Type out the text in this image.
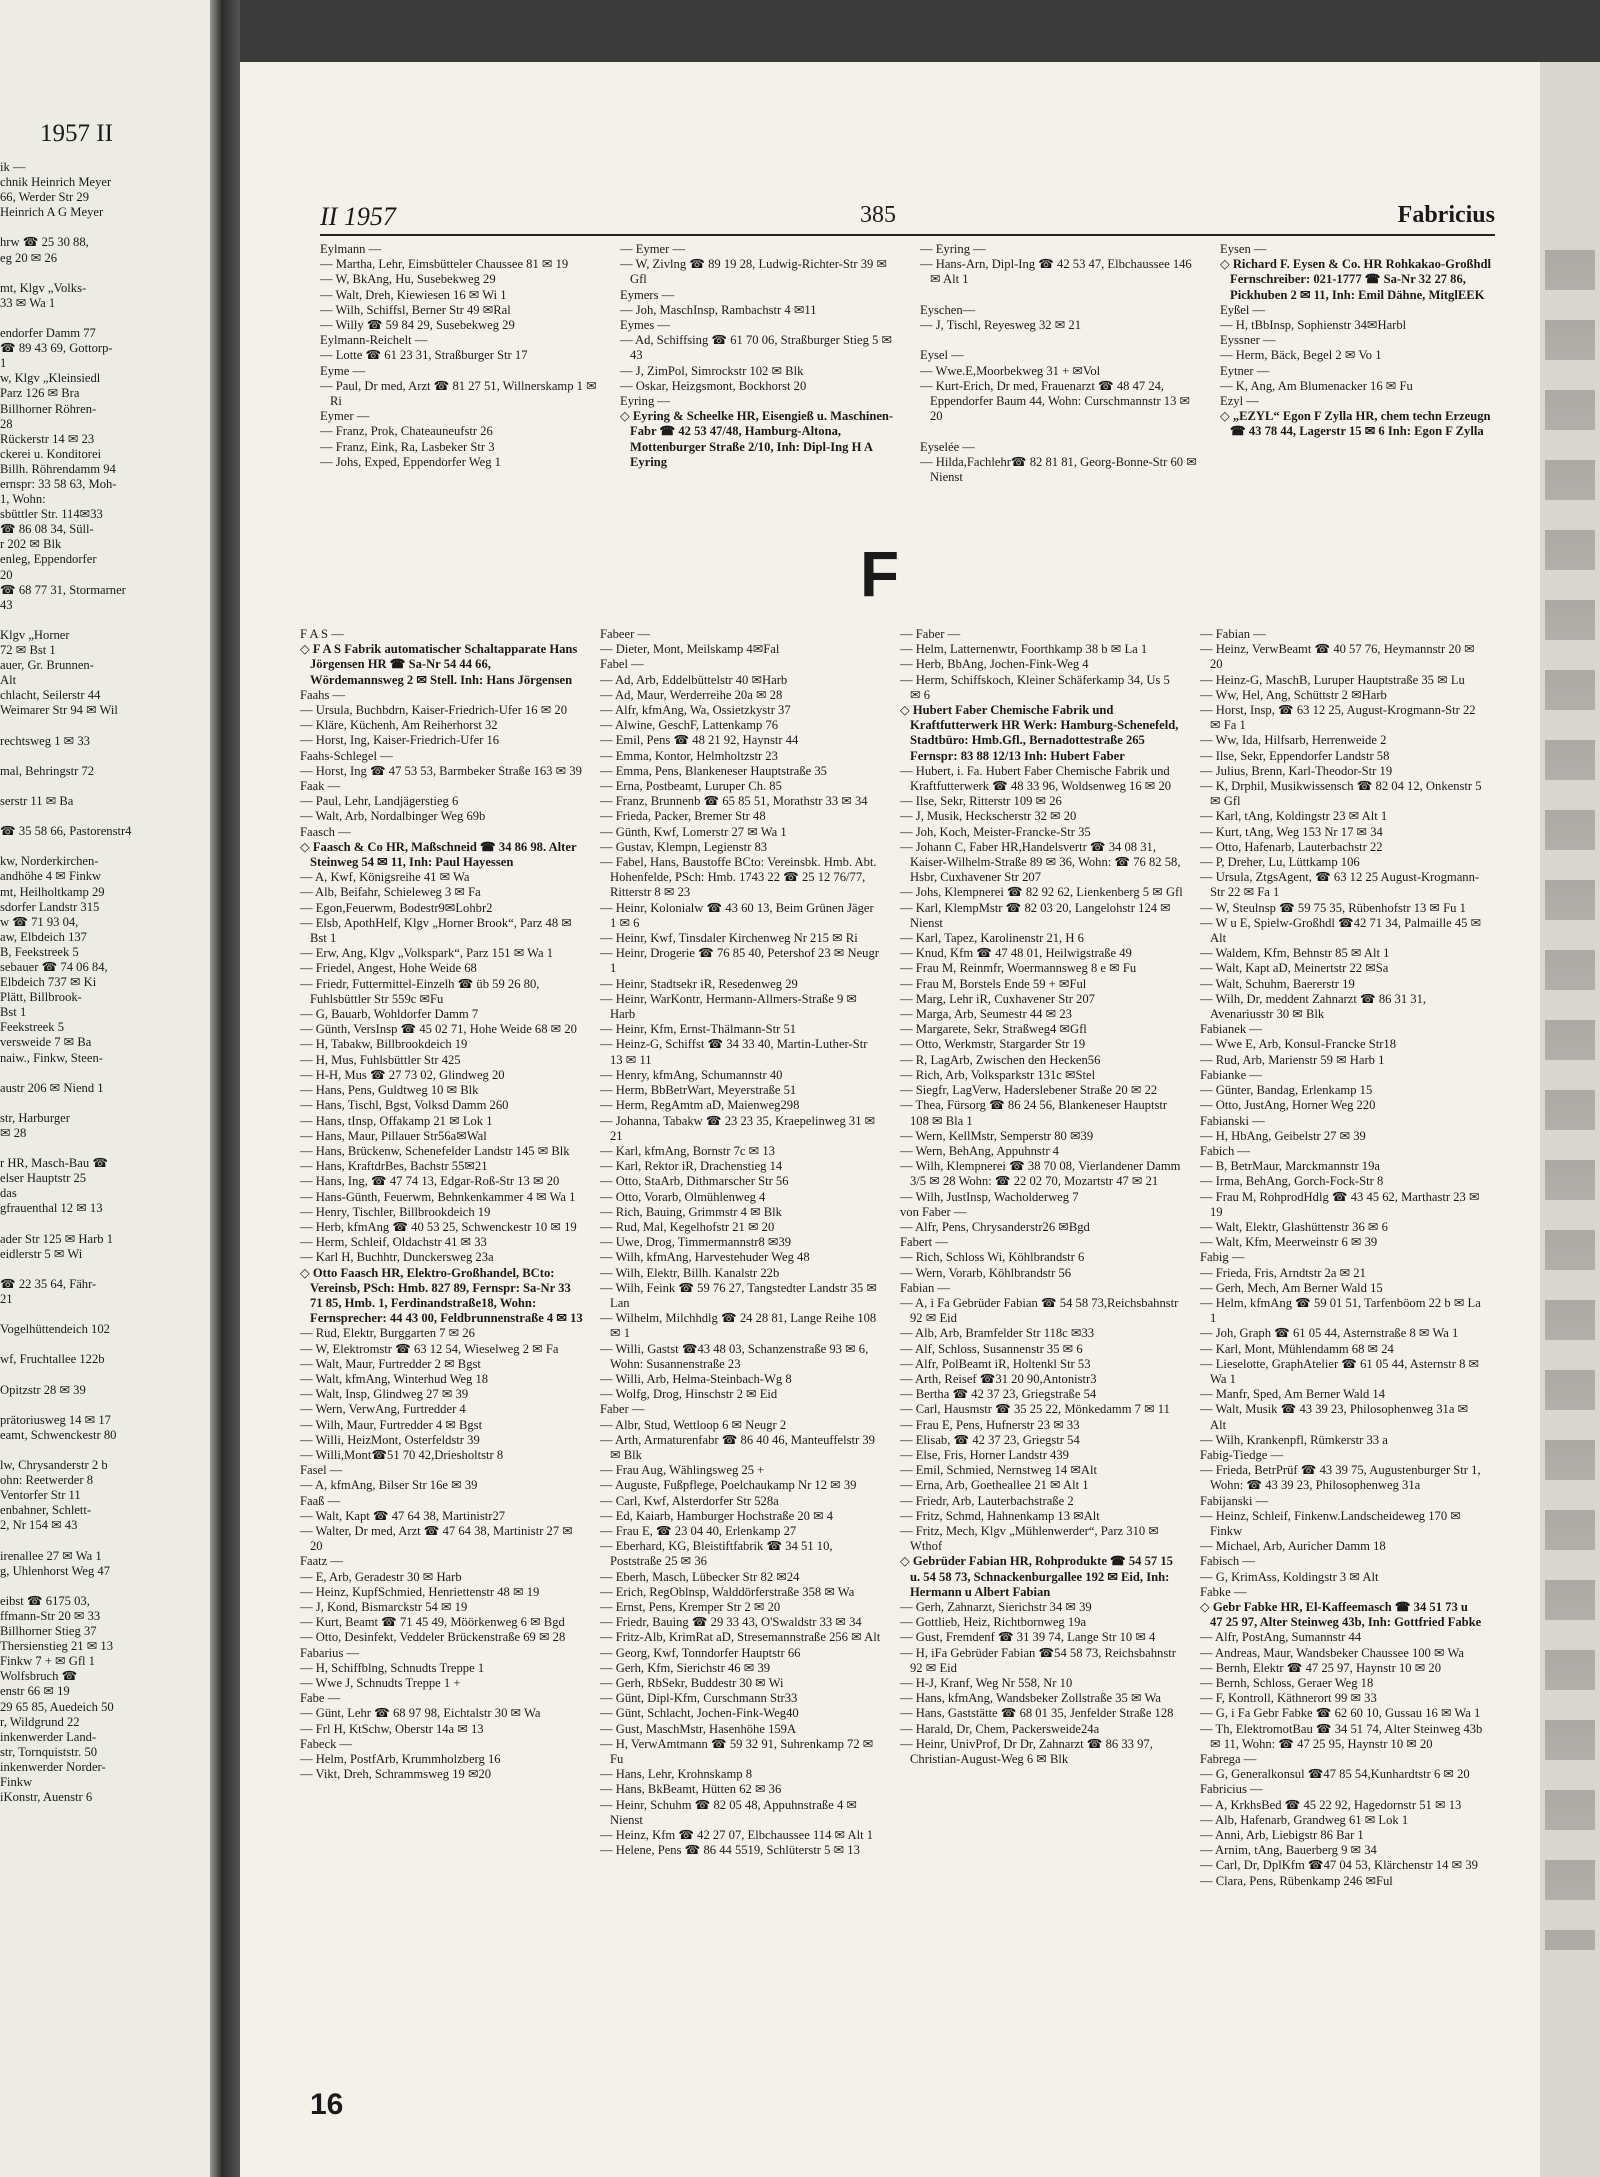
1957 II
ik —
chnik Heinrich Meyer
66, Werder Str 29
Heinrich A G Meyer

hrw ☎ 25 30 88,
eg 20 ✉ 26

mt, Klgv „Volks-
33 ✉ Wa 1

endorfer Damm 77
☎ 89 43 69, Gottorp-
1
w, Klgv „Kleinsiedl
Parz 126 ✉ Bra
Billhorner Röhren-
28
Rückerstr 14 ✉ 23
ckerei u. Konditorei
Billh. Röhrendamm 94
ernspr: 33 58 63, Moh-
1, Wohn:
sbüttler Str. 114✉33
☎ 86 08 34, Süll-
r 202 ✉ Blk
enleg, Eppendorfer
20
☎ 68 77 31, Stormarner
43

Klgv „Horner
72 ✉ Bst 1
auer, Gr. Brunnen-
Alt
chlacht, Seilerstr 44
Weimarer Str 94 ✉ Wil

rechtsweg 1 ✉ 33

mal, Behringstr 72

serstr 11 ✉ Ba

☎ 35 58 66, Pastorenstr4

kw, Norderkirchen-
andhöhe 4 ✉ Finkw
mt, Heilholtkamp 29
sdorfer Landstr 315
w ☎ 71 93 04,
aw, Elbdeich 137
B, Feekstreek 5
sebauer ☎ 74 06 84,
Elbdeich 737 ✉ Ki
Plätt, Billbrook-
Bst 1
Feekstreek 5
versweide 7 ✉ Ba
naiw., Finkw, Steen-

austr 206 ✉ Niend 1

str, Harburger
✉ 28

r HR, Masch-Bau ☎
elser Hauptstr 25
das
gfrauenthal 12 ✉ 13

ader Str 125 ✉ Harb 1
eidlerstr 5 ✉ Wi

☎ 22 35 64, Fähr-
21

Vogelhüttendeich 102

wf, Fruchtallee 122b

Opitzstr 28 ✉ 39

prätoriusweg 14 ✉ 17
eamt, Schwenckestr 80

lw, Chrysanderstr 2 b
ohn: Reetwerder 8
Ventorfer Str 11
enbahner, Schlett-
2, Nr 154 ✉ 43

irenallee 27 ✉ Wa 1
g, Uhlenhorst Weg 47

eibst ☎ 6175 03,
ffmann-Str 20 ✉ 33
Billhorner Stieg 37
Thersienstieg 21 ✉ 13
Finkw 7 + ✉ Gfl 1
Wolfsbruch ☎
enstr 66 ✉ 19
29 65 85, Auedeich 50
r, Wildgrund 22
inkenwerder Land-
str, Tornquiststr. 50
inkenwerder Norder-
Finkw
iKonstr, Auenstr 6
II 1957	385	Fabricius
Eylmann —
— Martha, Lehr, Eimsbütteler Chaussee 81 ✉ 19
— W, BkAng, Hu, Susebekweg 29
— Walt, Dreh, Kiewiesen 16 ✉ Wi 1
— Wilh, Schiffsl, Berner Str 49 ✉Ral
— Willy ☎ 59 84 29, Susebekweg 29
Eylmann-Reichelt —
— Lotte ☎ 61 23 31, Straßburger Str 17
Eyme —
— Paul, Dr med, Arzt ☎ 81 27 51, Willnerskamp 1 ✉ Ri
Eymer —
— Franz, Prok, Chateauneufstr 26
— Franz, Eink, Ra, Lasbeker Str 3
— Johs, Exped, Eppendorfer Weg 1
— Eymer —
— W, Zivlng ☎ 89 19 28, Ludwig-Richter-Str 39 ✉ Gfl
Eymers —
— Joh, MaschInsp, Rambachstr 4 ✉11
Eymes —
— Ad, Schiffsing ☎ 61 70 06, Straßburger Stieg 5 ✉ 43
— J, ZimPol, Simrockstr 102 ✉ Blk
— Oskar, Heizgsmont, Bockhorst 20
Eyring —
◇ Eyring & Scheelke HR, Eisengieß u. Maschinen-Fabr ☎ 42 53 47/48, Hamburg-Altona, Mottenburger Straße 2/10, Inh: Dipl-Ing H A Eyring
— Eyring —
— Hans-Arn, Dipl-Ing ☎ 42 53 47, Elbchaussee 146 ✉ Alt 1

Eyschen—
— J, Tischl, Reyesweg 32 ✉ 21

Eysel —
— Wwe.E,Moorbekweg 31 + ✉Vol
— Kurt-Erich, Dr med, Frauenarzt ☎ 48 47 24, Eppendorfer Baum 44, Wohn: Curschmannstr 13 ✉ 20

Eyselée —
— Hilda,Fachlehr☎ 82 81 81, Georg-Bonne-Str 60 ✉ Nienst
Eysen —
◇ Richard F. Eysen & Co. HR Rohkakao-Großhdl Fernschreiber: 021-1777 ☎ Sa-Nr 32 27 86, Pickhuben 2 ✉ 11, Inh: Emil Dähne, MitglEEK
Eyßel —
— H, tBbInsp, Sophienstr 34✉Harbl
Eyssner —
— Herm, Bäck, Begel 2 ✉ Vo 1
Eytner —
— K, Ang, Am Blumenacker 16 ✉ Fu
Ezyl —
◇ „EZYL“ Egon F Zylla HR, chem techn Erzeugn ☎ 43 78 44, Lagerstr 15 ✉ 6 Inh: Egon F Zylla
F
F A S —
◇ F A S Fabrik automatischer Schaltapparate Hans Jörgensen HR ☎ Sa-Nr 54 44 66, Wördemannsweg 2 ✉ Stell. Inh: Hans Jörgensen
Faahs —
— Ursula, Buchbdrn, Kaiser-Friedrich-Ufer 16 ✉ 20
— Kläre, Küchenh, Am Reiherhorst 32
— Horst, Ing, Kaiser-Friedrich-Ufer 16
Faahs-Schlegel —
— Horst, Ing ☎ 47 53 53, Barmbeker Straße 163 ✉ 39
Faak —
— Paul, Lehr, Landjägerstieg 6
— Walt, Arb, Nordalbinger Weg 69b
Faasch —
◇ Faasch & Co HR, Maßschneid ☎ 34 86 98. Alter Steinweg 54 ✉ 11, Inh: Paul Hayessen
— A, Kwf, Königsreihe 41 ✉ Wa
— Alb, Beifahr, Schieleweg 3 ✉ Fa
— Egon,Feuerwm, Bodestr9✉Lohbr2
— Elsb, ApothHelf, Klgv „Horner Brook“, Parz 48 ✉ Bst 1
— Erw, Ang, Klgv „Volkspark“, Parz 151 ✉ Wa 1
— Friedel, Angest, Hohe Weide 68
— Friedr, Futtermittel-Einzelh ☎ üb 59 26 80, Fuhlsbüttler Str 559c ✉Fu
— G, Bauarb, Wohldorfer Damm 7
— Günth, VersInsp ☎ 45 02 71, Hohe Weide 68 ✉ 20
— H, Tabakw, Billbrookdeich 19
— H, Mus, Fuhlsbüttler Str 425
— H-H, Mus ☎ 27 73 02, Glindweg 20
— Hans, Pens, Guldtweg 10 ✉ Blk
— Hans, Tischl, Bgst, Volksd Damm 260
— Hans, tInsp, Offakamp 21 ✉ Lok 1
— Hans, Maur, Pillauer Str56a✉Wal
— Hans, Brückenw, Schenefelder Landstr 145 ✉ Blk
— Hans, KraftdrBes, Bachstr 55✉21
— Hans, Ing, ☎ 47 74 13, Edgar-Roß-Str 13 ✉ 20
— Hans-Günth, Feuerwm, Behnkenkammer 4 ✉ Wa 1
— Henry, Tischler, Billbrookdeich 19
— Herb, kfmAng ☎ 40 53 25, Schwenckestr 10 ✉ 19
— Herm, Schleif, Oldachstr 41 ✉ 33
— Karl H, Buchhtr, Dunckersweg 23a
◇ Otto Faasch HR, Elektro-Großhandel, BCto: Vereinsb, PSch: Hmb. 827 89, Fernspr: Sa-Nr 33 71 85, Hmb. 1, Ferdinandstraße18, Wohn: Fernsprecher: 44 43 00, Feldbrunnenstraße 4 ✉ 13
— Rud, Elektr, Burggarten 7 ✉ 26
— W, Elektromstr ☎ 63 12 54, Wieselweg 2 ✉ Fa
— Walt, Maur, Furtredder 2 ✉ Bgst
— Walt, kfmAng, Winterhud Weg 18
— Walt, Insp, Glindweg 27 ✉ 39
— Wern, VerwAng, Furtredder 4
— Wilh, Maur, Furtredder 4 ✉ Bgst
— Willi, HeizMont, Osterfeldstr 39
— Willi,Mont☎51 70 42,Driesholtstr 8
Fasel —
— A, kfmAng, Bilser Str 16e ✉ 39
Faaß —
— Walt, Kapt ☎ 47 64 38, Martinistr27
— Walter, Dr med, Arzt ☎ 47 64 38, Martinistr 27 ✉ 20
Faatz —
— E, Arb, Geradestr 30 ✉ Harb
— Heinz, KupfSchmied, Henriettenstr 48 ✉ 19
— J, Kond, Bismarckstr 54 ✉ 19
— Kurt, Beamt ☎ 71 45 49, Möörkenweg 6 ✉ Bgd
— Otto, Desinfekt, Veddeler Brückenstraße 69 ✉ 28
Fabarius —
— H, Schiffblng, Schnudts Treppe 1
— Wwe J, Schnudts Treppe 1 +
Fabe —
— Günt, Lehr ☎ 68 97 98, Eichtalstr 30 ✉ Wa
— Frl H, KtSchw, Oberstr 14a ✉ 13
Fabeck —
— Helm, PostfArb, Krummholzberg 16
— Vikt, Dreh, Schrammsweg 19 ✉20
Fabeer —
— Dieter, Mont, Meilskamp 4✉Fal
Fabel —
— Ad, Arb, Eddelbüttelstr 40 ✉Harb
— Ad, Maur, Werderreihe 20a ✉ 28
— Alfr, kfmAng, Wa, Ossietzkystr 37
— Alwine, GeschF, Lattenkamp 76
— Emil, Pens ☎ 48 21 92, Haynstr 44
— Emma, Kontor, Helmholtzstr 23
— Emma, Pens, Blankeneser Hauptstraße 35
— Erna, Postbeamt, Luruper Ch. 85
— Franz, Brunnenb ☎ 65 85 51, Morathstr 33 ✉ 34
— Frieda, Packer, Bremer Str 48
— Günth, Kwf, Lomerstr 27 ✉ Wa 1
— Gustav, Klempn, Legienstr 83
— Fabel, Hans, Baustoffe BCto: Vereinsbk. Hmb. Abt. Hohenfelde, PSch: Hmb. 1743 22 ☎ 25 12 76/77, Ritterstr 8 ✉ 23
— Heinr, Kolonialw ☎ 43 60 13, Beim Grünen Jäger 1 ✉ 6
— Heinr, Kwf, Tinsdaler Kirchenweg Nr 215 ✉ Ri
— Heinr, Drogerie ☎ 76 85 40, Petershof 23 ✉ Neugr 1
— Heinr, Stadtsekr iR, Resedenweg 29
— Heinr, WarKontr, Hermann-Allmers-Straße 9 ✉ Harb
— Heinr, Kfm, Ernst-Thälmann-Str 51
— Heinz-G, Schiffst ☎ 34 33 40, Martin-Luther-Str 13 ✉ 11
— Henry, kfmAng, Schumannstr 40
— Herm, BbBetrWart, Meyerstraße 51
— Herm, RegAmtm aD, Maienweg298
— Johanna, Tabakw ☎ 23 23 35, Kraepelinweg 31 ✉ 21
— Karl, kfmAng, Bornstr 7c ✉ 13
— Karl, Rektor iR, Drachenstieg 14
— Otto, StaArb, Dithmarscher Str 56
— Otto, Vorarb, Olmühlenweg 4
— Rich, Bauing, Grimmstr 4 ✉ Blk
— Rud, Mal, Kegelhofstr 21 ✉ 20
— Uwe, Drog, Timmermannstr8 ✉39
— Wilh, kfmAng, Harvestehuder Weg 48
— Wilh, Elektr, Billh. Kanalstr 22b
— Wilh, Feink ☎ 59 76 27, Tangstedter Landstr 35 ✉ Lan
— Wilhelm, Milchhdlg ☎ 24 28 81, Lange Reihe 108 ✉ 1
— Willi, Gastst ☎43 48 03, Schanzenstraße 93 ✉ 6, Wohn: Susannenstraße 23
— Willi, Arb, Helma-Steinbach-Wg 8
— Wolfg, Drog, Hinschstr 2 ✉ Eid
Faber —
— Albr, Stud, Wettloop 6 ✉ Neugr 2
— Arth, Armaturenfabr ☎ 86 40 46, Manteuffelstr 39 ✉ Blk
— Frau Aug, Wählingsweg 25 +
— Auguste, Fußpflege, Poelchaukamp Nr 12 ✉ 39
— Carl, Kwf, Alsterdorfer Str 528a
— Ed, Kaiarb, Hamburger Hochstraße 20 ✉ 4
— Frau E, ☎ 23 04 40, Erlenkamp 27
— Eberhard, KG, Bleistiftfabrik ☎ 34 51 10, Poststraße 25 ✉ 36
— Eberh, Masch, Lübecker Str 82 ✉24
— Erich, RegOblnsp, Walddörferstraße 358 ✉ Wa
— Ernst, Pens, Kremper Str 2 ✉ 20
— Friedr, Bauing ☎ 29 33 43, O'Swaldstr 33 ✉ 34
— Fritz-Alb, KrimRat aD, Stresemannstraße 256 ✉ Alt
— Georg, Kwf, Tonndorfer Hauptstr 66
— Gerh, Kfm, Sierichstr 46 ✉ 39
— Gerh, RbSekr, Buddestr 30 ✉ Wi
— Günt, Dipl-Kfm, Curschmann Str33
— Günt, Schlacht, Jochen-Fink-Weg40
— Gust, MaschMstr, Hasenhöhe 159A
— H, VerwAmtmann ☎ 59 32 91, Suhrenkamp 72 ✉ Fu
— Hans, Lehr, Krohnskamp 8
— Hans, BkBeamt, Hütten 62 ✉ 36
— Heinr, Schuhm ☎ 82 05 48, Appuhnstraße 4 ✉ Nienst
— Heinz, Kfm ☎ 42 27 07, Elbchaussee 114 ✉ Alt 1
— Helene, Pens ☎ 86 44 5519, Schlüterstr 5 ✉ 13
— Faber —
— Helm, Latternenwtr, Foorthkamp 38 b ✉ La 1
— Herb, BbAng, Jochen-Fink-Weg 4
— Herm, Schiffskoch, Kleiner Schäferkamp 34, Us 5 ✉ 6
◇ Hubert Faber Chemische Fabrik und Kraftfutterwerk HR Werk: Hamburg-Schenefeld, Stadtbüro: Hmb.Gfl., Bernadottestraße 265 Fernspr: 83 88 12/13 Inh: Hubert Faber
— Hubert, i. Fa. Hubert Faber Chemische Fabrik und Kraftfutterwerk ☎ 48 33 96, Woldsenweg 16 ✉ 20
— Ilse, Sekr, Ritterstr 109 ✉ 26
— J, Musik, Heckscherstr 32 ✉ 20
— Joh, Koch, Meister-Francke-Str 35
— Johann C, Faber HR,Handelsvertr ☎ 34 08 31, Kaiser-Wilhelm-Straße 89 ✉ 36, Wohn: ☎ 76 82 58, Hsbr, Cuxhavener Str 207
— Johs, Klempnerei ☎ 82 92 62, Lienkenberg 5 ✉ Gfl
— Karl, KlempMstr ☎ 82 03 20, Langelohstr 124 ✉ Nienst
— Karl, Tapez, Karolinenstr 21, H 6
— Knud, Kfm ☎ 47 48 01, Heilwigstraße 49
— Frau M, Reinmfr, Woermannsweg 8 e ✉ Fu
— Frau M, Borstels Ende 59 + ✉Ful
— Marg, Lehr iR, Cuxhavener Str 207
— Marga, Arb, Seumestr 44 ✉ 23
— Margarete, Sekr, Straßweg4 ✉Gfl
— Otto, Werkmstr, Stargarder Str 19
— R, LagArb, Zwischen den Hecken56
— Rich, Arb, Volksparkstr 131c ✉Stel
— Siegfr, LagVerw, Haderslebener Straße 20 ✉ 22
— Thea, Fürsorg ☎ 86 24 56, Blankeneser Hauptstr 108 ✉ Bla 1
— Wern, KellMstr, Semperstr 80 ✉39
— Wern, BehAng, Appuhnstr 4
— Wilh, Klempnerei ☎ 38 70 08, Vierlandener Damm 3/5 ✉ 28 Wohn: ☎ 22 02 70, Mozartstr 47 ✉ 21
— Wilh, JustInsp, Wacholderweg 7
von Faber —
— Alfr, Pens, Chrysanderstr26 ✉Bgd
Fabert —
— Rich, Schloss Wi, Köhlbrandstr 6
— Wern, Vorarb, Köhlbrandstr 56
Fabian —
— A, i Fa Gebrüder Fabian ☎ 54 58 73,Reichsbahnstr 92 ✉ Eid
— Alb, Arb, Bramfelder Str 118c ✉33
— Alf, Schloss, Susannenstr 35 ✉ 6
— Alfr, PolBeamt iR, Holtenkl Str 53
— Arth, Reisef ☎31 20 90,Antonistr3
— Bertha ☎ 42 37 23, Griegstraße 54
— Carl, Hausmstr ☎ 35 25 22, Mönkedamm 7 ✉ 11
— Frau E, Pens, Hufnerstr 23 ✉ 33
— Elisab, ☎ 42 37 23, Griegstr 54
— Else, Fris, Horner Landstr 439
— Emil, Schmied, Nernstweg 14 ✉Alt
— Erna, Arb, Goetheallee 21 ✉ Alt 1
— Friedr, Arb, Lauterbachstraße 2
— Fritz, Schmd, Hahnenkamp 13 ✉Alt
— Fritz, Mech, Klgv „Mühlenwerder“, Parz 310 ✉ Wthof
◇ Gebrüder Fabian HR, Rohprodukte ☎ 54 57 15 u. 54 58 73, Schnackenburgallee 192 ✉ Eid, Inh: Hermann u Albert Fabian
— Gerh, Zahnarzt, Sierichstr 34 ✉ 39
— Gottlieb, Heiz, Richtbornweg 19a
— Gust, Fremdenf ☎ 31 39 74, Lange Str 10 ✉ 4
— H, iFa Gebrüder Fabian ☎54 58 73, Reichsbahnstr 92 ✉ Eid
— H-J, Kranf, Weg Nr 558, Nr 10
— Hans, kfmAng, Wandsbeker Zollstraße 35 ✉ Wa
— Hans, Gaststätte ☎ 68 01 35, Jenfelder Straße 128
— Harald, Dr, Chem, Packersweide24a
— Heinr, UnivProf, Dr Dr, Zahnarzt ☎ 86 33 97, Christian-August-Weg 6 ✉ Blk
— Fabian —
— Heinz, VerwBeamt ☎ 40 57 76, Heymannstr 20 ✉ 20
— Heinz-G, MaschB, Luruper Hauptstraße 35 ✉ Lu
— Ww, Hel, Ang, Schüttstr 2 ✉Harb
— Horst, Insp, ☎ 63 12 25, August-Krogmann-Str 22 ✉ Fa 1
— Ww, Ida, Hilfsarb, Herrenweide 2
— Ilse, Sekr, Eppendorfer Landstr 58
— Julius, Brenn, Karl-Theodor-Str 19
— K, Drphil, Musikwissensch ☎ 82 04 12, Onkenstr 5 ✉ Gfl
— Karl, tAng, Koldingstr 23 ✉ Alt 1
— Kurt, tAng, Weg 153 Nr 17 ✉ 34
— Otto, Hafenarb, Lauterbachstr 22
— P, Dreher, Lu, Lüttkamp 106
— Ursula, ZtgsAgent, ☎ 63 12 25 August-Krogmann-Str 22 ✉ Fa 1
— W, Steulnsp ☎ 59 75 35, Rübenhofstr 13 ✉ Fu 1
— W u E, Spielw-Großhdl ☎42 71 34, Palmaille 45 ✉ Alt
— Waldem, Kfm, Behnstr 85 ✉ Alt 1
— Walt, Kapt aD, Meinertstr 22 ✉Sa
— Walt, Schuhm, Baererstr 19
— Wilh, Dr, meddent Zahnarzt ☎ 86 31 31, Avenariusstr 30 ✉ Blk
Fabianek —
— Wwe E, Arb, Konsul-Francke Str18
— Rud, Arb, Marienstr 59 ✉ Harb 1
Fabianke —
— Günter, Bandag, Erlenkamp 15
— Otto, JustAng, Horner Weg 220
Fabianski —
— H, HbAng, Geibelstr 27 ✉ 39
Fabich —
— B, BetrMaur, Marckmannstr 19a
— Irma, BehAng, Gorch-Fock-Str 8
— Frau M, RohprodHdlg ☎ 43 45 62, Marthastr 23 ✉ 19
— Walt, Elektr, Glashüttenstr 36 ✉ 6
— Walt, Kfm, Meerweinstr 6 ✉ 39
Fabig —
— Frieda, Fris, Arndtstr 2a ✉ 21
— Gerh, Mech, Am Berner Wald 15
— Helm, kfmAng ☎ 59 01 51, Tarfenböom 22 b ✉ La 1
— Joh, Graph ☎ 61 05 44, Asternstraße 8 ✉ Wa 1
— Karl, Mont, Mühlendamm 68 ✉ 24
— Lieselotte, GraphAtelier ☎ 61 05 44, Asternstr 8 ✉ Wa 1
— Manfr, Sped, Am Berner Wald 14
— Walt, Musik ☎ 43 39 23, Philosophenweg 31a ✉ Alt
— Wilh, Krankenpfl, Rümkerstr 33 a
Fabig-Tiedge —
— Frieda, BetrPrüf ☎ 43 39 75, Augustenburger Str 1, Wohn: ☎ 43 39 23, Philosophenweg 31a
Fabijanski —
— Heinz, Schleif, Finkenw.Landscheideweg 170 ✉ Finkw
— Michael, Arb, Auricher Damm 18
Fabisch —
— G, KrimAss, Koldingstr 3 ✉ Alt
Fabke —
◇ Gebr Fabke HR, El-Kaffeemasch ☎ 34 51 73 u 47 25 97, Alter Steinweg 43b, Inh: Gottfried Fabke
— Alfr, PostAng, Sumannstr 44
— Andreas, Maur, Wandsbeker Chaussee 100 ✉ Wa
— Bernh, Elektr ☎ 47 25 97, Haynstr 10 ✉ 20
— Bernh, Schloss, Geraer Weg 18
— F, Kontroll, Käthnerort 99 ✉ 33
— G, i Fa Gebr Fabke ☎ 62 60 10, Gussau 16 ✉ Wa 1
— Th, ElektromotBau ☎ 34 51 74, Alter Steinweg 43b ✉ 11, Wohn: ☎ 47 25 95, Haynstr 10 ✉ 20
Fabrega —
— G, Generalkonsul ☎47 85 54,Kunhardtstr 6 ✉ 20
Fabricius —
— A, KrkhsBed ☎ 45 22 92, Hagedornstr 51 ✉ 13
— Alb, Hafenarb, Grandweg 61 ✉ Lok 1
— Anni, Arb, Liebigstr 86 Bar 1
— Arnim, tAng, Bauerberg 9 ✉ 34
— Carl, Dr, DplKfm ☎47 04 53, Klärchenstr 14 ✉ 39
— Clara, Pens, Rübenkamp 246 ✉Ful
16
